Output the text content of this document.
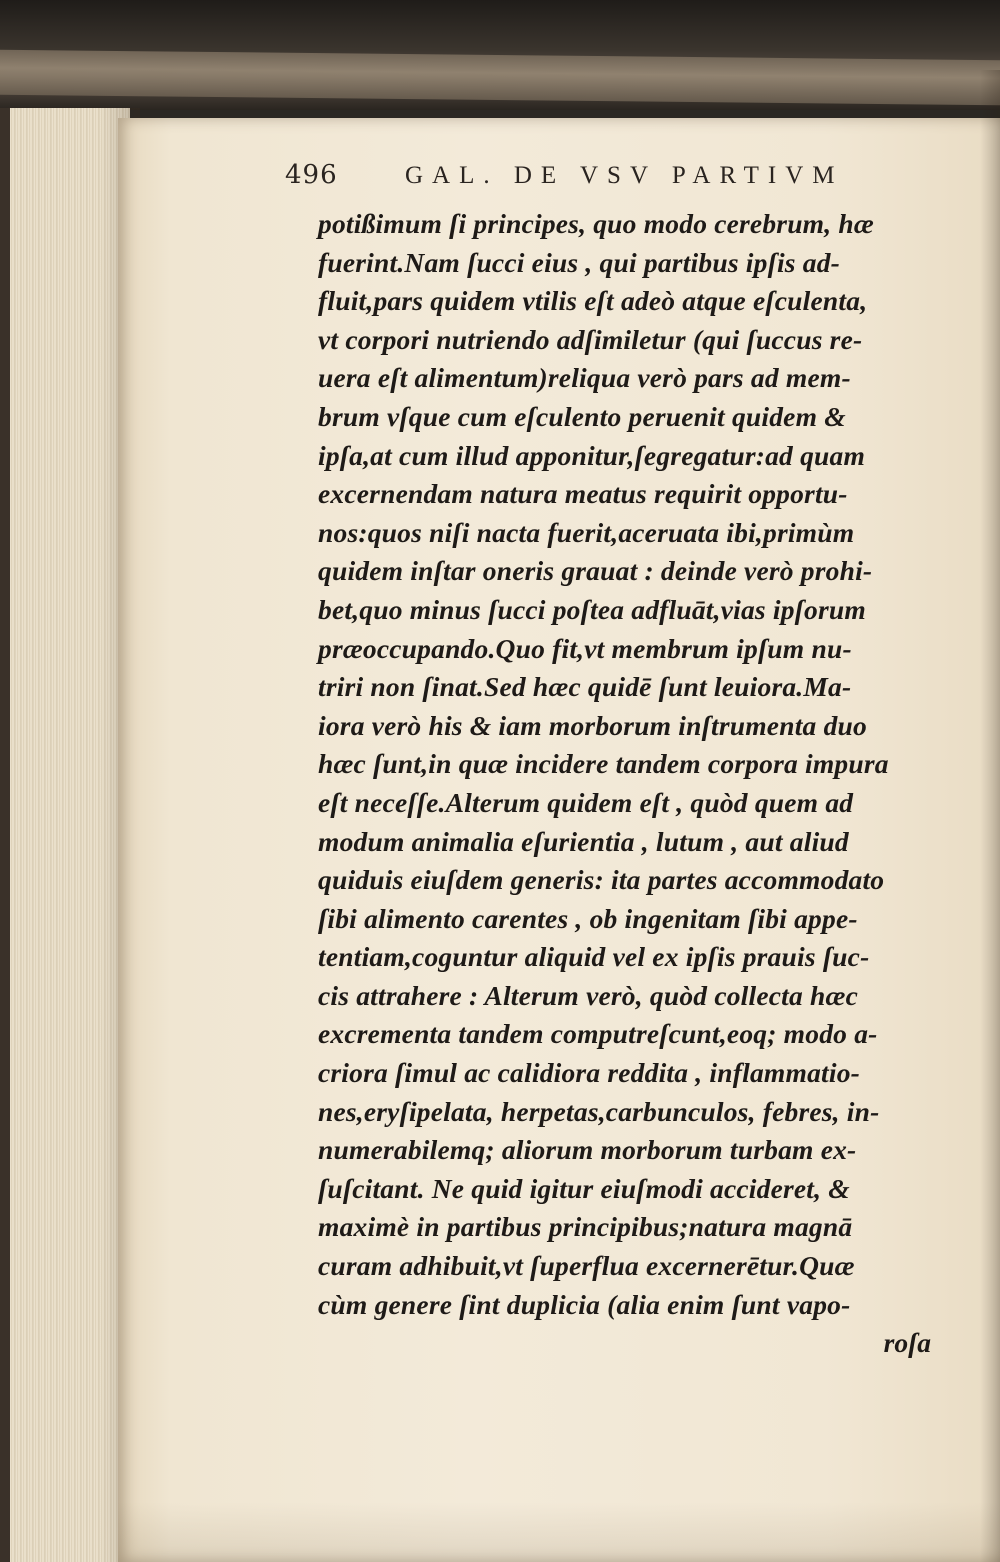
496	GAL. DE VSV PARTIVM
potißimum ſi principes, quo modo cerebrum, hæ
fuerint.Nam ſucci eius , qui partibus ipſis ad-
fluit,pars quidem vtilis eſt adeò atque eſculenta,
vt corpori nutriendo adſimiletur (qui ſuccus re-
uera eſt alimentum)reliqua verò pars ad mem-
brum vſque cum eſculento peruenit quidem &
ipſa,at cum illud apponitur,ſegregatur:ad quam
excernendam natura meatus requirit opportu-
nos:quos niſi nacta fuerit,aceruata ibi,primùm
quidem inſtar oneris grauat : deinde verò prohi-
bet,quo minus ſucci poſtea adfluāt,vias ipſorum
præoccupando.Quo fit,vt membrum ipſum nu-
triri non ſinat.Sed hæc quidē ſunt leuiora.Ma-
iora verò his & iam morborum inſtrumenta duo
hæc ſunt,in quæ incidere tandem corpora impura
eſt neceſſe.Alterum quidem eſt , quòd quem ad
modum animalia eſurientia , lutum , aut aliud
quiduis eiuſdem generis: ita partes accommodato
ſibi alimento carentes , ob ingenitam ſibi appe-
tentiam,coguntur aliquid vel ex ipſis prauis ſuc-
cis attrahere : Alterum verò, quòd collecta hæc
excrementa tandem computreſcunt,eoq; modo a-
criora ſimul ac calidiora reddita , inflammatio-
nes,eryſipelata, herpetas,carbunculos, febres, in-
numerabilemq; aliorum morborum turbam ex-
ſuſcitant. Ne quid igitur eiuſmodi accideret, &
maximè in partibus principibus;natura magnā
curam adhibuit,vt ſuperflua excernerētur.Quæ
cùm genere ſint duplicia (alia enim ſunt vapo-
roſa
